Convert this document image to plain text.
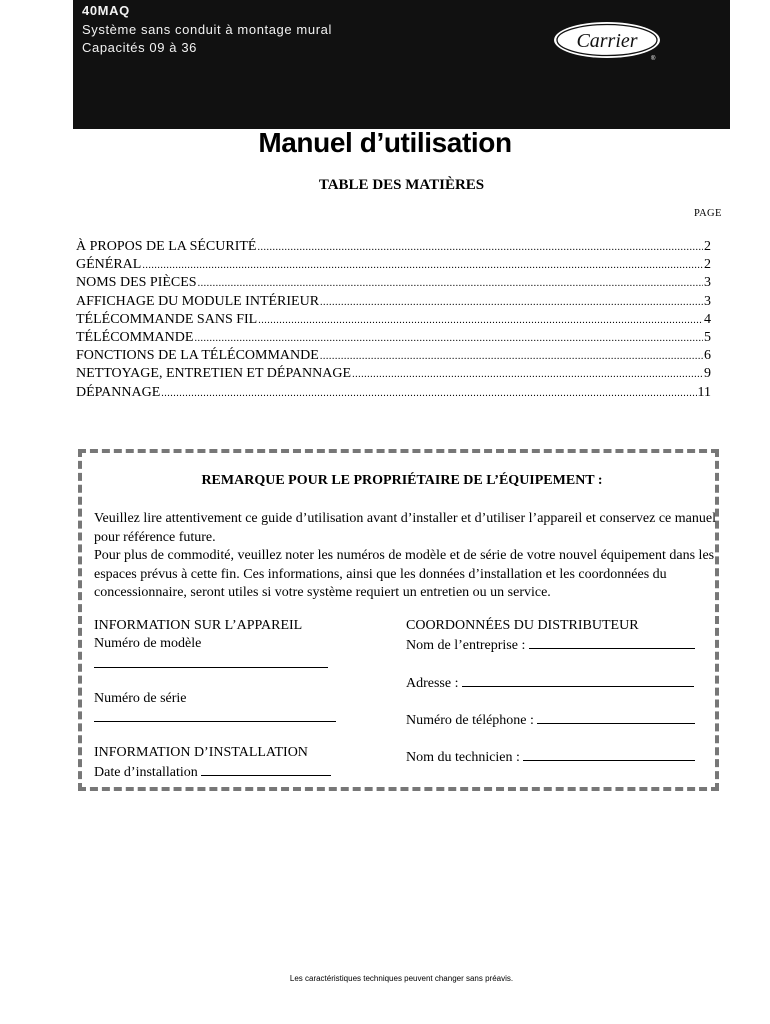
40MAQ
Système sans conduit à montage mural
Capacités 09 à 36	Carrier
®
Manuel d’utilisation
TABLE DES MATIÈRES
PAGE
À PROPOS DE LA SÉCURITÉ .....	2
GÉNÉRAL .....	2
NOMS DES PIÈCES .....	3
AFFICHAGE DU MODULE INTÉRIEUR .....	3
TÉLÉCOMMANDE SANS FIL .....	4
TÉLÉCOMMANDE .....	5
FONCTIONS DE LA TÉLÉCOMMANDE .....	6
NETTOYAGE, ENTRETIEN ET DÉPANNAGE .....	9
DÉPANNAGE .....	11
REMARQUE POUR LE PROPRIÉTAIRE DE L’ÉQUIPEMENT :

Veuillez lire attentivement ce guide d’utilisation avant d’installer et d’utiliser l’appareil et conservez ce manuel pour référence future.

Pour plus de commodité, veuillez noter les numéros de modèle et de série de votre nouvel équipement dans les espaces prévus à cette fin. Ces informations, ainsi que les données d’installation et les coordonnées du concessionnaire, seront utiles si votre système requiert un entretien ou un service.

INFORMATION SUR L’APPAREIL
Numéro de modèle
Numéro de série
INFORMATION D’INSTALLATION
Date d’installation
COORDONNÉES DU DISTRIBUTEUR
Nom de l’entreprise :
Adresse :
Numéro de téléphone :
Nom du technicien :
Les caractéristiques techniques peuvent changer sans préavis.
